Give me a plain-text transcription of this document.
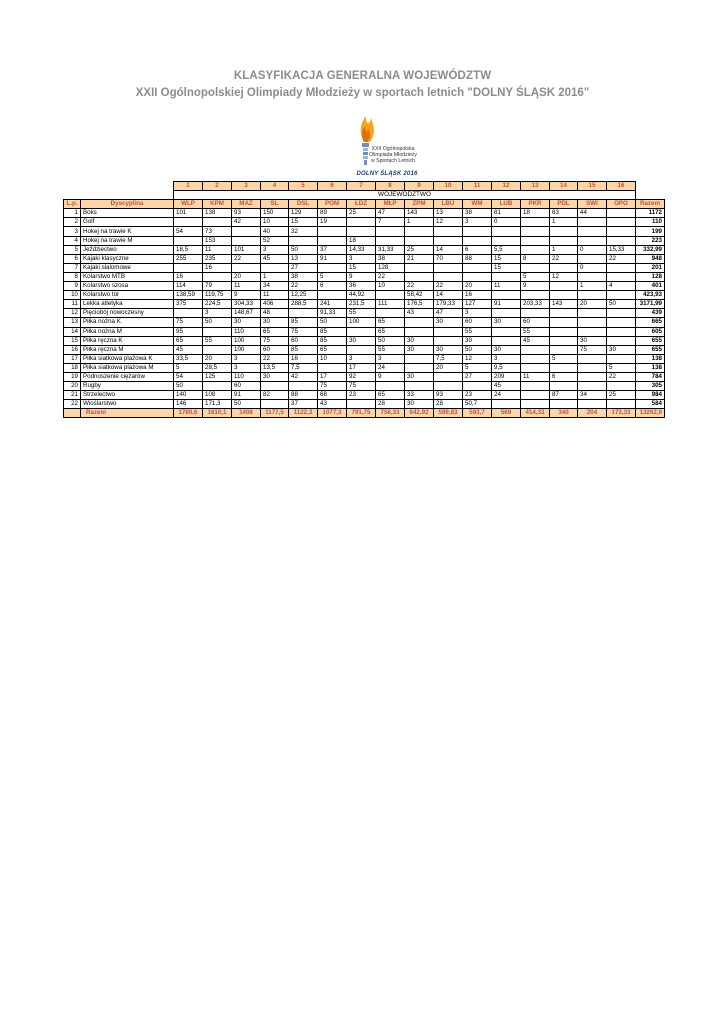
KLASYFIKACJA GENERALNA WOJEWÓDZTW
XXII Ogólnopolskiej Olimpiady Młodzieży w sportach letnich "DOLNY ŚLĄSK 2016"
XXII Ogólnopolska
Olimpiada Młodzieży
w Sportach Letnich
DOLNY ŚLĄSK 2016
		1	2	3	4	5	6	7	8	9	10	11	12	13	14	15	16	
		WOJEWÓDZTWO																
L.p.	Dyscyplina	WLP	KPM	MAZ	ŚL	DŚL	POM	ŁDZ	MŁP	ZPM	LBU	WM	LUB	PKR	PDL	ŚWI	OPO	Razem
1	Boks	101	138	93	150	129	89	25	47	143	13	38	81	18	63	44		1172
2	Golf			42	10	15	19		7	1	12	3	0		1			110
3	Hokej na trawie K	54	73		40	32												199
4	Hokej na trawie M		153		52			18										223
5	Jeździectwo	18,5	11	101	3	50	37	14,33	31,33	25	14	6	5,5		1	0	15,33	332,99
6	Kajaki klasyczne	255	235	22	45	13	91	3	38	21	70	88	15	8	22		22	948
7	Kajaki slalomowe		16			27		15	128				15			0		201
8	Kolarstwo MTB	16		20	1	38	5	9	22					5	12			128
9	Kolarstwo szosa	114	79	11	34	22	6	36	10	22	22	20	11	9		1	4	401
10	Kolarstwo tor	138,59	119,75	9	11	12,25		44,92		58,42	14	16						423,93
11	Lekka atletyka	375	224,5	304,33	406	288,5	241	231,5	111	176,5	179,33	127	91	203,33	143	20	50	3171,99
12	Pięciobój nowoczesny		3	148,67	48		91,33	55		43	47	3						439
13	Piłka nożna K	75	50	30	30	85	50	100	65		30	60	30	60				665
14	Piłka nożna M	95		110	65	75	85		65			55		55				605
15	Piłka ręczna K	65	55	100	75	60	85	30	50	30		30		45		30		655
16	Piłka ręczna M	45		100	60	85	65		55	30	30	50	30			75	30	655
17	Piłka siatkowa plażowa K	33,5	20	3	22	16	10	3	3		7,5	12	3		5			138
18	Piłka siatkowa plażowa M	5	28,5	3	13,5	7,5		17	24		20	5	9,5				5	138
19	Podnoszenie ciężarów	54	125	110	30	42	17	92	9	30		27	209	11	6		22	784
20	Rugby	50		60			75	75					45					305
21	Strzelectwo	140	108	91	82	88	68	23	65	33	93	23	24		87	34	25	984
22	Wioślarstwo	146	171,3	50		37	43		28	30	28	50,7						584
	Razem	1780,6	1610,1	1408	1177,5	1122,3	1077,3	791,75	758,33	642,92	599,83	593,7	569	414,33	340	204	173,33	13262,9
